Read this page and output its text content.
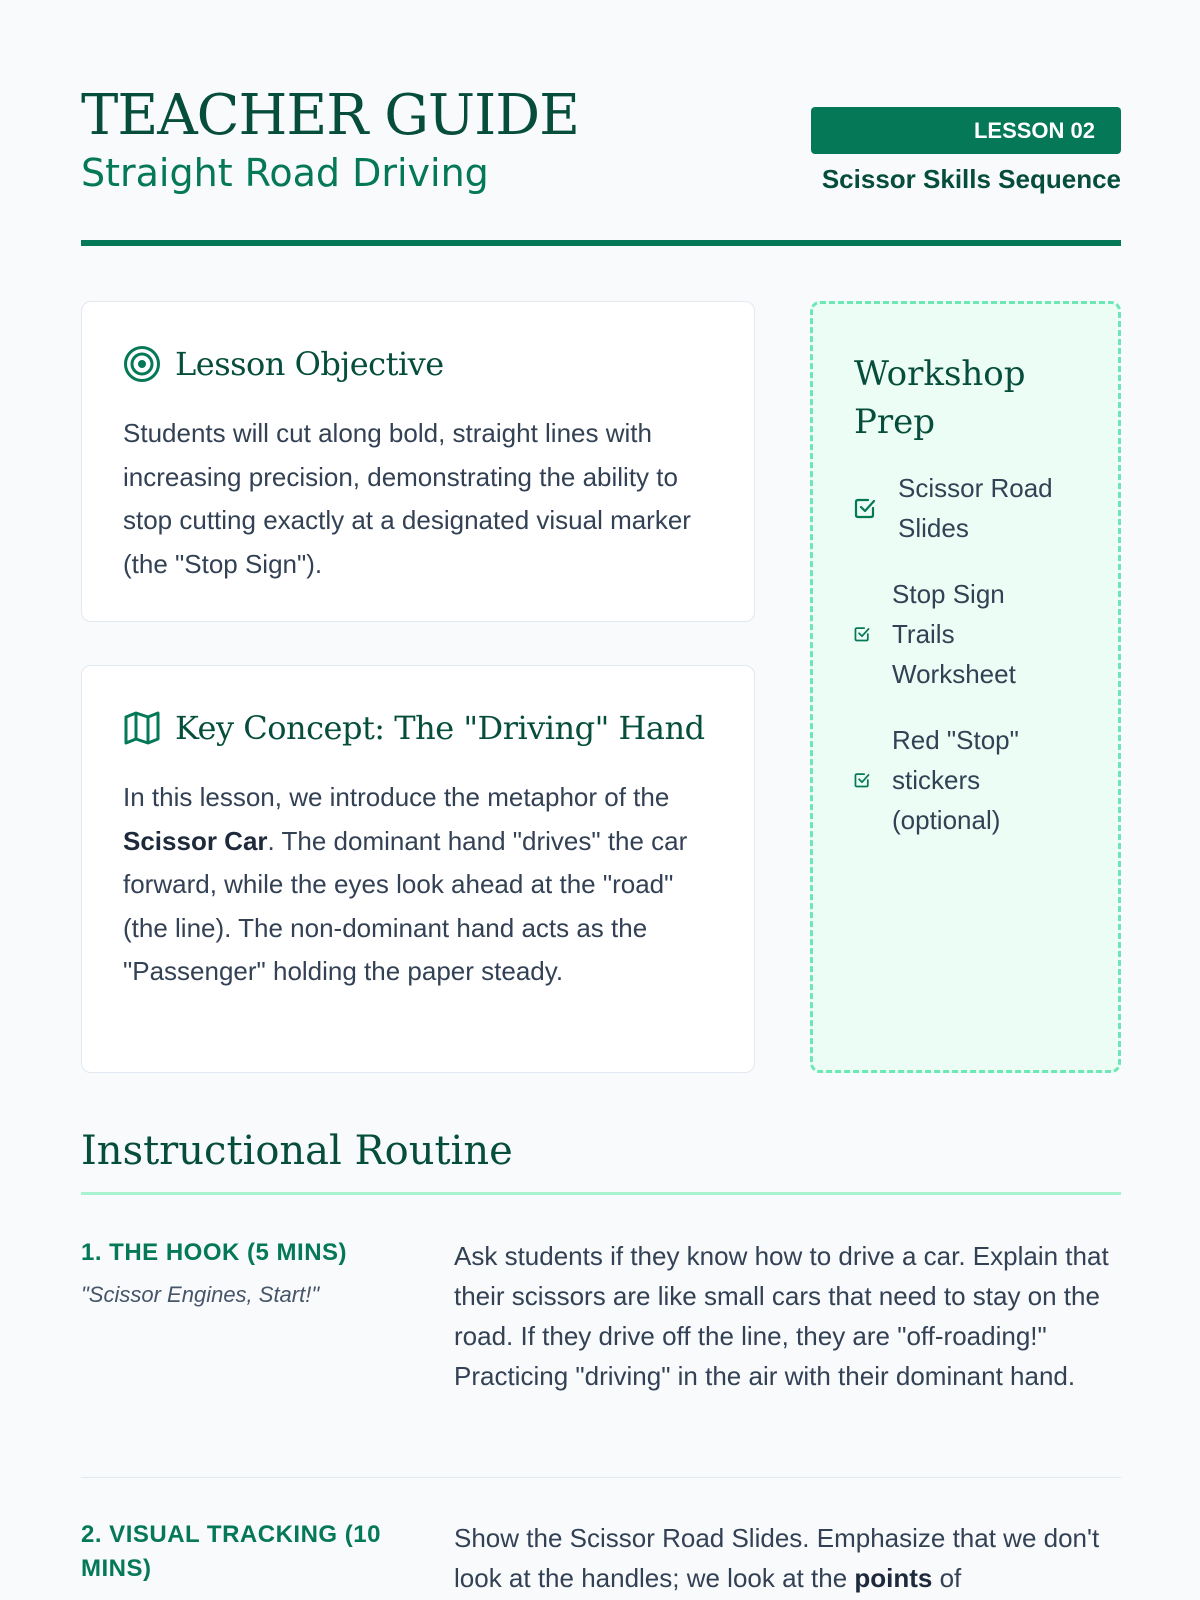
TEACHER GUIDE
Straight Road Driving
LESSON 02
Scissor Skills Sequence
Lesson Objective
Students will cut along bold, straight lines with increasing precision, demonstrating the ability to stop cutting exactly at a designated visual marker (the "Stop Sign").
Key Concept: The "Driving" Hand
In this lesson, we introduce the metaphor of the Scissor Car. The dominant hand "drives" the car forward, while the eyes look ahead at the "road" (the line). The non-dominant hand acts as the "Passenger" holding the paper steady.
Workshop Prep
Scissor Road Slides
Stop Sign Trails Worksheet
Red "Stop" stickers (optional)
Instructional Routine
1. THE HOOK (5 MINS)
"Scissor Engines, Start!"
Ask students if they know how to drive a car. Explain that their scissors are like small cars that need to stay on the road. If they drive off the line, they are "off-roading!" Practicing "driving" in the air with their dominant hand.
2. VISUAL TRACKING (10 MINS)
Show the Scissor Road Slides. Emphasize that we don't look at the handles; we look at the points of
